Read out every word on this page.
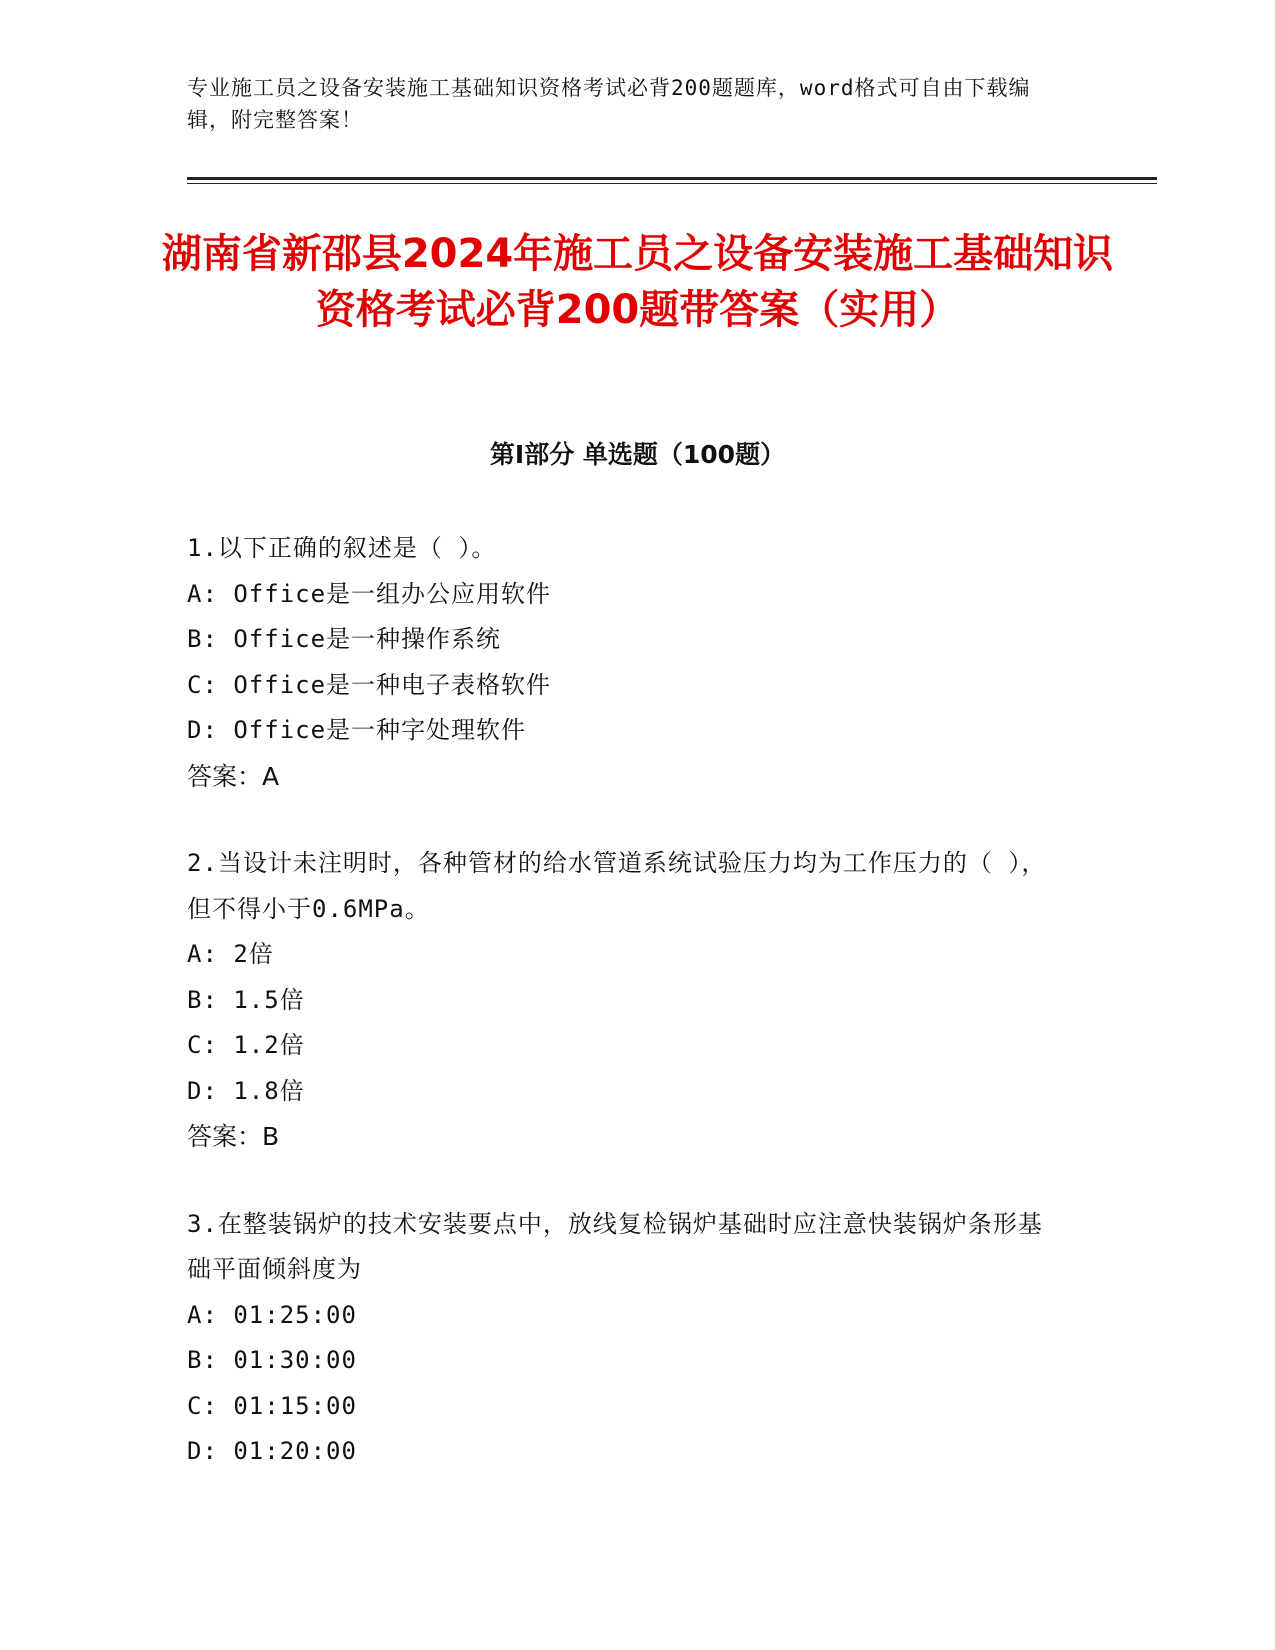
专业施工员之设备安装施工基础知识资格考试必背200题题库，word格式可自由下载编辑，附完整答案！
湖南省新邵县2024年施工员之设备安装施工基础知识资格考试必背200题带答案（实用）
第Ⅰ部分 单选题（100题）
1.以下正确的叙述是（ ）。
A: Office是一组办公应用软件
B: Office是一种操作系统
C: Office是一种电子表格软件
D: Office是一种字处理软件
答案：A
2.当设计未注明时，各种管材的给水管道系统试验压力均为工作压力的（ ），但不得小于0.6MPa。
A: 2倍
B: 1.5倍
C: 1.2倍
D: 1.8倍
答案：B
3.在整装锅炉的技术安装要点中，放线复检锅炉基础时应注意快装锅炉条形基础平面倾斜度为
A: 01:25:00
B: 01:30:00
C: 01:15:00
D: 01:20:00
